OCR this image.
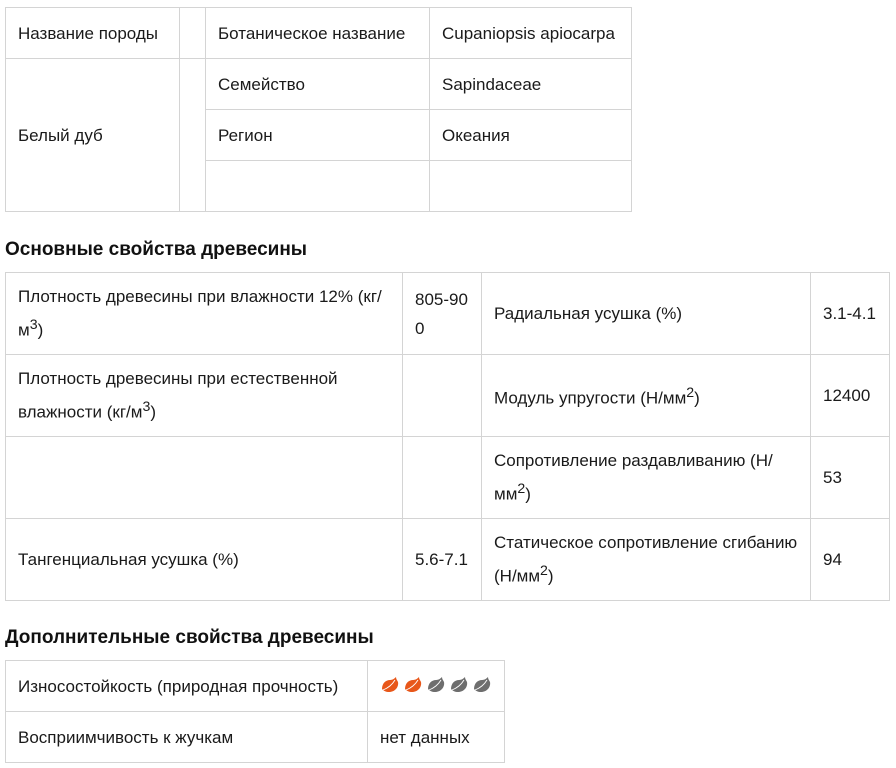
Название породы		Ботаническое название	Cupaniopsis apiocarpa
Белый дуб		Семейство	Sapindaceae
		Регион	Океания

Основные свойства древесины
Плотность древесины при влажности 12% $(кг/м^3)$	805-900	Радиальная усушка (%)	3.1-4.1
Плотность древесины при естественной влажности $(кг/м^3)$		Модуль упругости $(Н/мм^2)$	12400
		Сопротивление раздавливанию $(Н/мм^2)$	53
Тангенциальная усушка (%)	5.6-7.1	Статическое сопротивление сгибанию $(Н/мм^2)$	94
Дополнительные свойства древесины
Износостойкость (природная прочность)	

Восприимчивость к жучкам	нет данных
